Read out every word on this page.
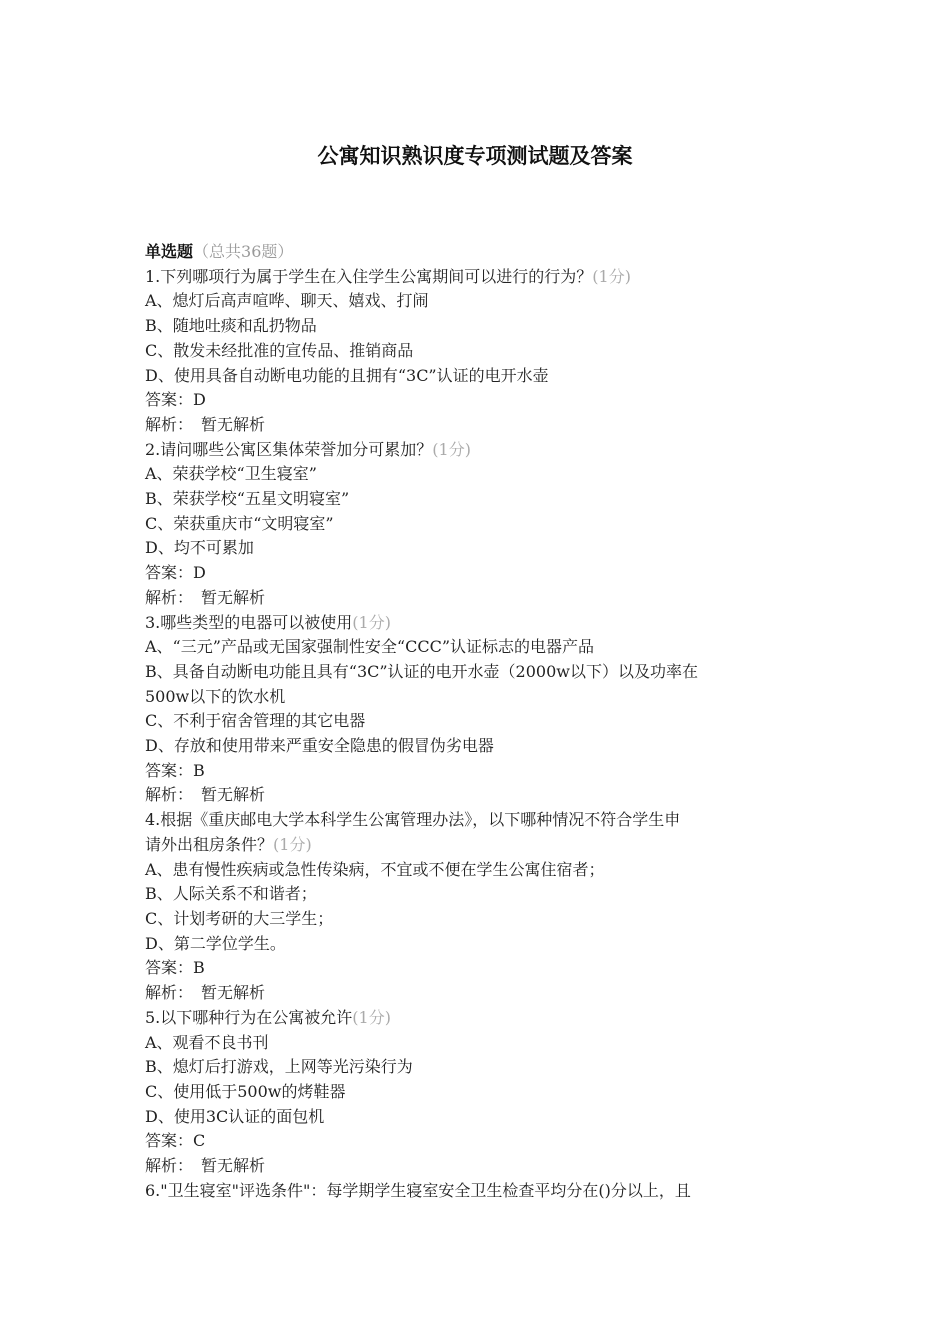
公寓知识熟识度专项测试题及答案
单选题（总共36题）
1.下列哪项行为属于学生在入住学生公寓期间可以进行的行为？(1分)
A、熄灯后高声喧哗、聊天、嬉戏、打闹
B、随地吐痰和乱扔物品
C、散发未经批准的宣传品、推销商品
D、使用具备自动断电功能的且拥有“3C”认证的电开水壶
答案：D
解析：　暂无解析
2.请问哪些公寓区集体荣誉加分可累加？(1分)
A、荣获学校“卫生寝室”
B、荣获学校“五星文明寝室”
C、荣获重庆市“文明寝室”
D、均不可累加
答案：D
解析：　暂无解析
3.哪些类型的电器可以被使用(1分)
A、“三元”产品或无国家强制性安全“CCC”认证标志的电器产品
B、具备自动断电功能且具有“3C”认证的电开水壶（2000w以下）以及功率在
500w以下的饮水机
C、不利于宿舍管理的其它电器
D、存放和使用带来严重安全隐患的假冒伪劣电器
答案：B
解析：　暂无解析
4.根据《重庆邮电大学本科学生公寓管理办法》，以下哪种情况不符合学生申
请外出租房条件？(1分)
A、患有慢性疾病或急性传染病，不宜或不便在学生公寓住宿者；
B、人际关系不和谐者；
C、计划考研的大三学生；
D、第二学位学生。
答案：B
解析：　暂无解析
5.以下哪种行为在公寓被允许(1分)
A、观看不良书刊
B、熄灯后打游戏，上网等光污染行为
C、使用低于500w的烤鞋器
D、使用3C认证的面包机
答案：C
解析：　暂无解析
6."卫生寝室"评选条件"：每学期学生寝室安全卫生检查平均分在()分以上，且
